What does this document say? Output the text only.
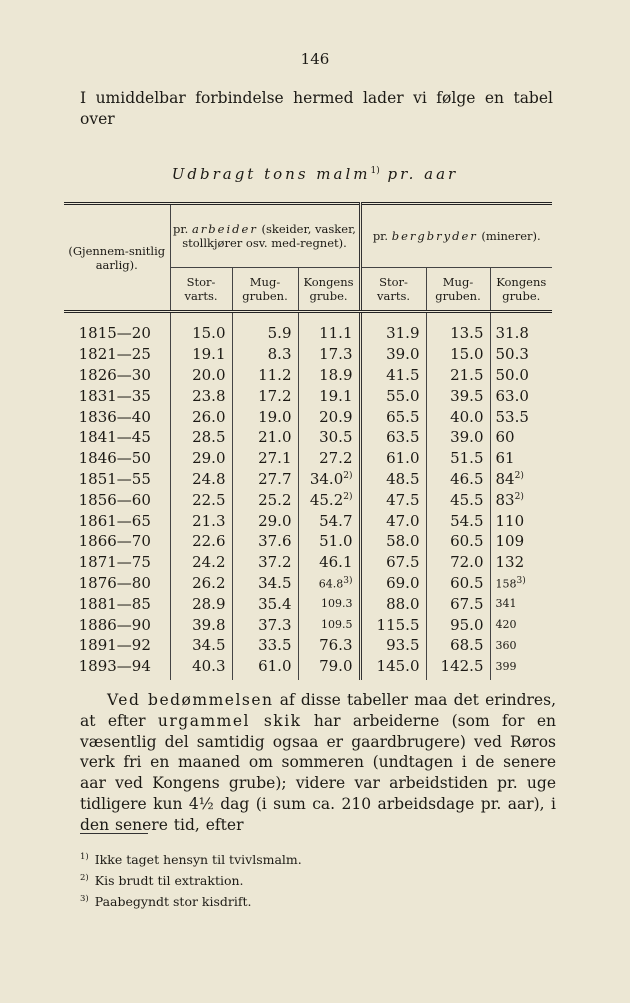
146
I umiddelbar forbindelse hermed lader vi følge en tabel over
Udbragt tons malm$^{1)}$ pr. aar
(Gjennem-snitlig aarlig).	pr. arbeider (skeider, vasker, stollkjører osv. med-regnet).			pr. bergbryder (minerer).		
	Stor-varts.	Mug-gruben.	Kongens grube.	Stor-varts.	Mug-gruben.	Kongens grube.
1815—20	15.0	5.9	11.1	31.9	13.5	31.8
1821—25	19.1	8.3	17.3	39.0	15.0	50.3
1826—30	20.0	11.2	18.9	41.5	21.5	50.0
1831—35	23.8	17.2	19.1	55.0	39.5	63.0
1836—40	26.0	19.0	20.9	65.5	40.0	53.5
1841—45	28.5	21.0	30.5	63.5	39.0	60
1846—50	29.0	27.1	27.2	61.0	51.5	61
1851—55	24.8	27.7	34.0$^{2)}$	48.5	46.5	84$^{2)}$
1856—60	22.5	25.2	45.2$^{2)}$	47.5	45.5	83$^{2)}$
1861—65	21.3	29.0	54.7	47.0	54.5	110
1866—70	22.6	37.6	51.0	58.0	60.5	109
1871—75	24.2	37.2	46.1	67.5	72.0	132
1876—80	26.2	34.5	64.8$^{3)}$	69.0	60.5	158$^{3)}$
1881—85	28.9	35.4	109.3	88.0	67.5	341
1886—90	39.8	37.3	109.5	115.5	95.0	420
1891—92	34.5	33.5	76.3	93.5	68.5	360
1893—94	40.3	61.0	79.0	145.0	142.5	399

Ved bedømmelsen af disse tabeller maa det erindres, at efter urgammel skik har arbeiderne (som for en væsentlig del samtidig ogsaa er gaardbrugere) ved Røros verk fri en maaned om sommeren (undtagen i de senere aar ved Kongens grube); videre var arbeidstiden pr. uge tidligere kun 4½ dag (i sum ca. 210 arbeidsdage pr. aar), i den senere tid, efter

$^{1)}$ Ikke taget hensyn til tvivlsmalm.
$^{2)}$ Kis brudt til extraktion.
$^{3)}$ Paabegyndt stor kisdrift.
